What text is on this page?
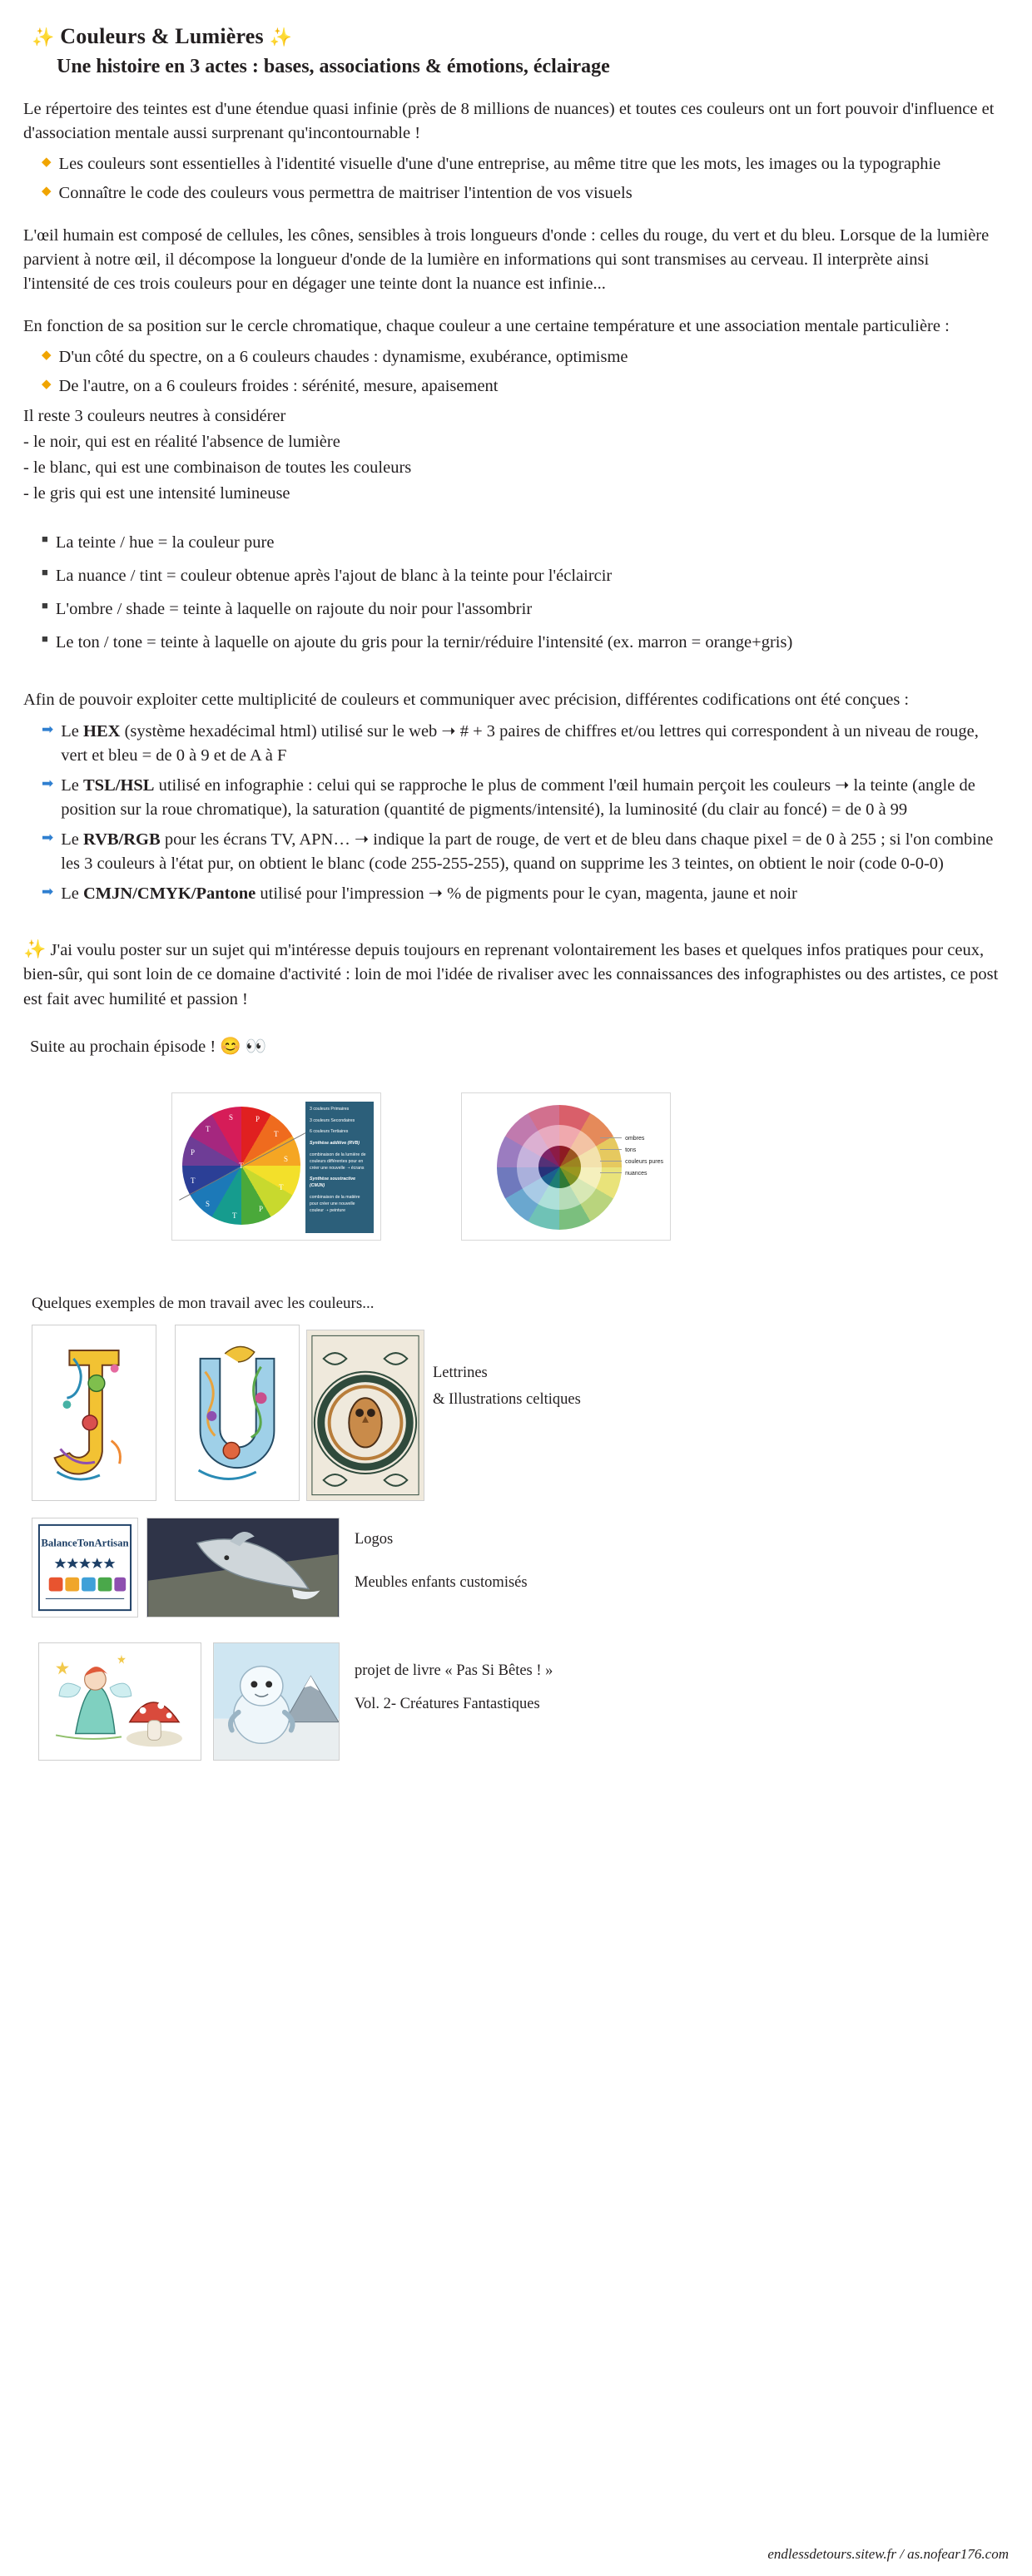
✨ Couleurs & Lumières ✨
Une histoire en 3 actes : bases, associations & émotions, éclairage

Le répertoire des teintes est d'une étendue quasi infinie (près de 8 millions de nuances) et toutes ces couleurs ont un fort pouvoir d'influence et d'association mentale aussi surprenant qu'incontournable !

◆ Les couleurs sont essentielles à l'identité visuelle d'une d'une entreprise, au même titre que les mots, les images ou la typographie
◆ Connaître le code des couleurs vous permettra de maitriser l'intention de vos visuels

L'œil humain est composé de cellules, les cônes, sensibles à trois longueurs d'onde : celles du rouge, du vert et du bleu. Lorsque de la lumière parvient à notre œil, il décompose la longueur d'onde de la lumière en informations qui sont transmises au cerveau. Il interprète ainsi l'intensité de ces trois couleurs pour en dégager une teinte dont la nuance est infinie...

En fonction de sa position sur le cercle chromatique, chaque couleur a une certaine température et une association mentale particulière :

◆ D'un côté du spectre, on a 6 couleurs chaudes : dynamisme, exubérance, optimisme
◆ De l'autre, on a 6 couleurs froides : sérénité, mesure, apaisement
Il reste 3 couleurs neutres à considérer
- le noir, qui est en réalité l'absence de lumière
- le blanc, qui est une combinaison de toutes les couleurs
- le gris qui est une intensité lumineuse
■ La teinte / hue = la couleur pure
■ La nuance / tint = couleur obtenue après l'ajout de blanc à la teinte pour l'éclaircir
■ L'ombre / shade = teinte à laquelle on rajoute du noir pour l'assombrir
■ Le ton / tone = teinte à laquelle on ajoute du gris pour la ternir/réduire l'intensité (ex. marron = orange+gris)

Afin de pouvoir exploiter cette multiplicité de couleurs et communiquer avec précision, différentes codifications ont été conçues :

➡ Le HEX (système hexadécimal html) utilisé sur le web ➝ # + 3 paires de chiffres et/ou lettres qui correspondent à un niveau de rouge, vert et bleu = de 0 à 9 et de A à F
➡ Le TSL/HSL utilisé en infographie : celui qui se rapproche le plus de comment l'œil humain perçoit les couleurs ➝ la teinte (angle de position sur la roue chromatique), la saturation (quantité de pigments/intensité), la luminosité (du clair au foncé) = de 0 à 99
➡ Le RVB/RGB pour les écrans TV, APN… ➝ indique la part de rouge, de vert et de bleu dans chaque pixel = de 0 à 255 ; si l'on combine les 3 couleurs à l'état pur, on obtient le blanc (code 255-255-255), quand on supprime les 3 teintes, on obtient le noir (code 0-0-0)
➡ Le CMJN/CMYK/Pantone utilisé pour l'impression ➝ % de pigments pour le cyan, magenta, jaune et noir

✨ J'ai voulu poster sur un sujet qui m'intéresse depuis toujours en reprenant volontairement les bases et quelques infos pratiques pour ceux, bien-sûr, qui sont loin de ce domaine d'activité : loin de moi l'idée de rivaliser avec les connaissances des infographistes ou des artistes, ce post est fait avec humilité et passion !

Suite au prochain épisode ! 😊 👀

P
T
S
T
P
T
S
T
P
T
S
T

3 couleurs Primaires

3 couleurs Secondaires

6 couleurs Tertiaires

Synthèse additive (RVB)

combinaison de la lumière de couleurs différentes pour en créer une nouvelle ➝ écrans

Synthèse soustractive (CMJN)

combinaison de la matière pour créer une nouvelle couleur ➝ peinture

ombres
tons
couleurs pures
nuances
Quelques exemples de mon travail avec les couleurs...
Lettrines
& Illustrations celtiques
BalanceTonArtisan	Logos
Meubles enfants customisés
projet de livre « Pas Si Bêtes ! »
Vol. 2- Créatures Fantastiques
endlessdetours.sitew.fr / as.nofear176.com
